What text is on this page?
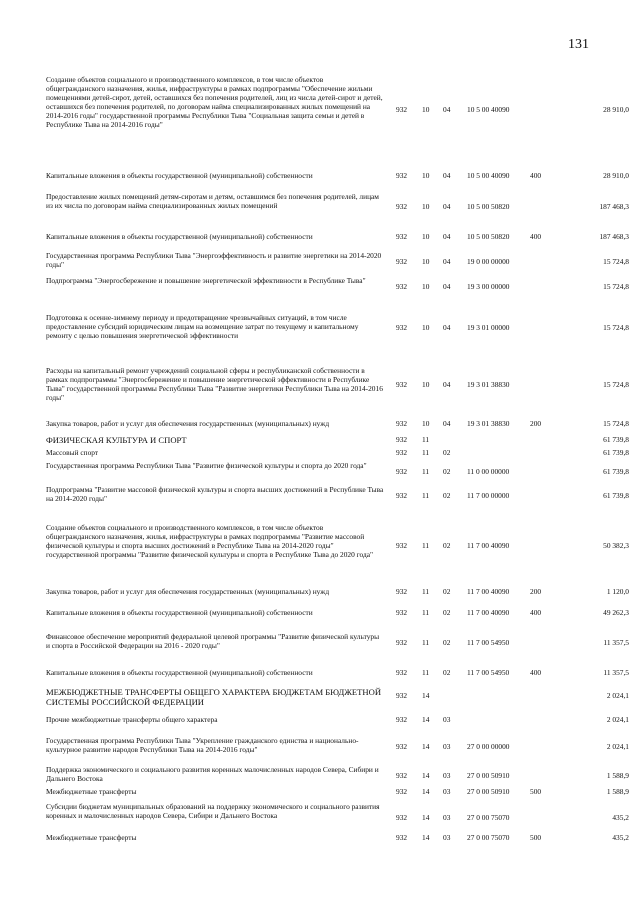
131
Создание объектов социального и производственного комплексов, в том числе объектов общегражданского назначения, жилья, инфраструктуры в рамках подпрограммы "Обеспечение жильми помещениями детей-сирот, детей, оставшихся без попечения родителей, лиц из числа детей-сирот и детей, оставшихся без попечения родителей, по договорам найма специализированных жилых помещений на 2014-2016 годы" государственной программы Республики Тыва "Социальная защита семьи и детей в Республике Тыва на 2014-2016 годы"
932 10 04 10 5 00 40090	28 910,0
Капитальные вложения в объекты государственной (муниципальной) собственности	932 10 04 10 5 00 40090	400	28 910,0
Предоставление жилых помещений детям-сиротам и детям, оставшимся без попечения родителей, лицам из их числа по договорам найма специализированных жилых помещений	932 10 04 10 5 00 50820	187 468,3
Капитальные вложения в объекты государственной (муниципальной) собственности	932 10 04 10 5 00 50820	400	187 468,3
Государственная программа Республики Тыва "Энергоэффективность и развитие энергетики на 2014-2020 годы"	932 10 04 19 0 00 00000	15 724,8
Подпрограмма "Энергосбережение и повышение энергетической эффективности в Республике Тыва"
932 10 04 19 3 00 00000	15 724,8
Подготовка к осенне-зимнему периоду и предотвращение чрезвычайных ситуаций, в том числе предоставление субсидий юридическим лицам на возмещение затрат по текущему и капитальному ремонту с целью повышения энергетической эффективности
932 10 04 19 3 01 00000	15 724,8
Расходы на капитальный ремонт учреждений социальной сферы и республиканской собственности в рамках подпрограммы "Энергосбережение и повышение энергетической эффективности в Республике Тыва" государственной программы Республики Тыва "Развитие энергетики Республики Тыва на 2014-2016 годы"
932 10 04 19 3 01 38830	15 724,8
Закупка товаров, работ и услуг для обеспечения государственных (муниципальных) нужд	932 10 04 19 3 01 38830	200	15 724,8
ФИЗИЧЕСКАЯ КУЛЬТУРА И СПОРТ	932 11	61 739,8
Массовый спорт	932 11 02	61 739,8
Государственная программа Республики Тыва "Развитие физической культуры и спорта до 2020 года"
932 11 02 11 0 00 00000	61 739,8
Подпрограмма "Развитие массовой физической культуры и спорта высших достижений в Республике Тыва на 2014-2020 годы"	932 11 02 11 7 00 00000	61 739,8
Создание объектов социального и производственного комплексов, в том числе объектов общегражданского назначения, жилья, инфраструктуры в рамках подпрограммы "Развитие массовой физической культуры и спорта высших достижений в Республике Тыва на 2014-2020 годы" государственной программы "Развитие физической культуры и спорта в Республике Тыва до 2020 года"
932 11 02 11 7 00 40090	50 382,3
Закупка товаров, работ и услуг для обеспечения государственных (муниципальных) нужд	932 11 02 11 7 00 40090	200	1 120,0
Капитальные вложения в объекты государственной (муниципальной) собственности	932 11 02 11 7 00 40090	400	49 262,3
Финансовое обеспечение мероприятий федеральной целевой программы "Развитие физической культуры и спорта в Российской Федерации на 2016 - 2020 годы"	932 11 02 11 7 00 54950	11 357,5
Капитальные вложения в объекты государственной (муниципальной) собственности	932 11 02 11 7 00 54950	400	11 357,5
МЕЖБЮДЖЕТНЫЕ ТРАНСФЕРТЫ ОБЩЕГО ХАРАКТЕРА БЮДЖЕТАМ БЮДЖЕТНОЙ СИСТЕМЫ РОССИЙСКОЙ ФЕДЕРАЦИИ
932 14	2 024,1
Прочие межбюджетные трансферты общего характера	932 14 03	2 024,1
Государственная программа Республики Тыва "Укрепление гражданского единства и национально-культурное развитие народов Республики Тыва на 2014-2016 годы"	932 14 03 27 0 00 00000	2 024,1
Поддержка экономического и социального развития коренных малочисленных народов Севера, Сибири и Дальнего Востока	932 14 03 27 0 00 50910	1 588,9
Межбюджетные трансферты	932 14 03 27 0 00 50910	500	1 588,9
Субсидии бюджетам муниципальных образований на поддержку экономического и социального развития коренных и малочисленных народов Севера, Сибири и Дальнего Востока	932 14 03 27 0 00 75070	435,2
Межбюджетные трансферты	932 14 03 27 0 00 75070	500	435,2
